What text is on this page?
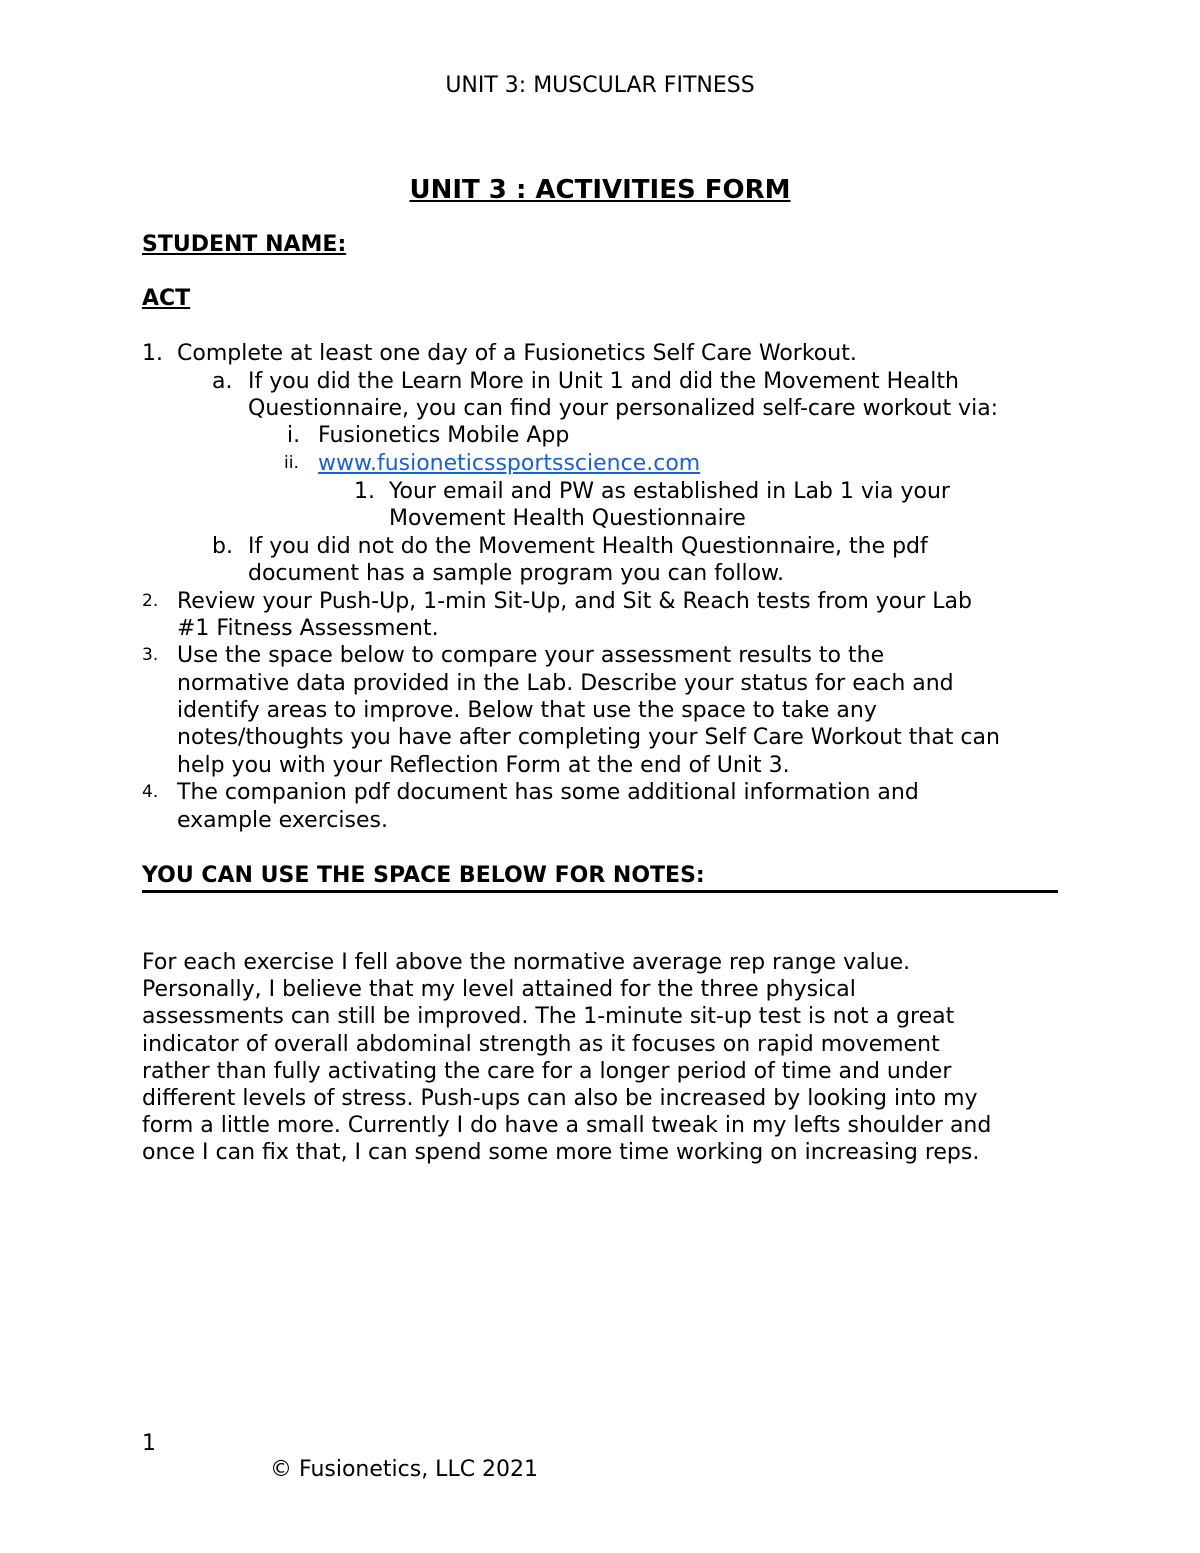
UNIT 3: MUSCULAR FITNESS
UNIT 3 : ACTIVITIES FORM
STUDENT NAME:
ACT
1. Complete at least one day of a Fusionetics Self Care Workout.
a. If you did the Learn More in Unit 1 and did the Movement Health
Questionnaire, you can find your personalized self-care workout via:
i. Fusionetics Mobile App
ii. www.fusioneticssportsscience.com
1. Your email and PW as established in Lab 1 via your
Movement Health Questionnaire
b. If you did not do the Movement Health Questionnaire, the pdf
document has a sample program you can follow.
2. Review your Push-Up, 1-min Sit-Up, and Sit & Reach tests from your Lab
#1 Fitness Assessment.
3. Use the space below to compare your assessment results to the
normative data provided in the Lab. Describe your status for each and
identify areas to improve. Below that use the space to take any
notes/thoughts you have after completing your Self Care Workout that can
help you with your Reflection Form at the end of Unit 3.
4. The companion pdf document has some additional information and
example exercises.
YOU CAN USE THE SPACE BELOW FOR NOTES:
For each exercise I fell above the normative average rep range value.
Personally, I believe that my level attained for the three physical
assessments can still be improved. The 1-minute sit-up test is not a great
indicator of overall abdominal strength as it focuses on rapid movement
rather than fully activating the care for a longer period of time and under
different levels of stress. Push-ups can also be increased by looking into my
form a little more. Currently I do have a small tweak in my lefts shoulder and
once I can fix that, I can spend some more time working on increasing reps.
1
© Fusionetics, LLC 2021
